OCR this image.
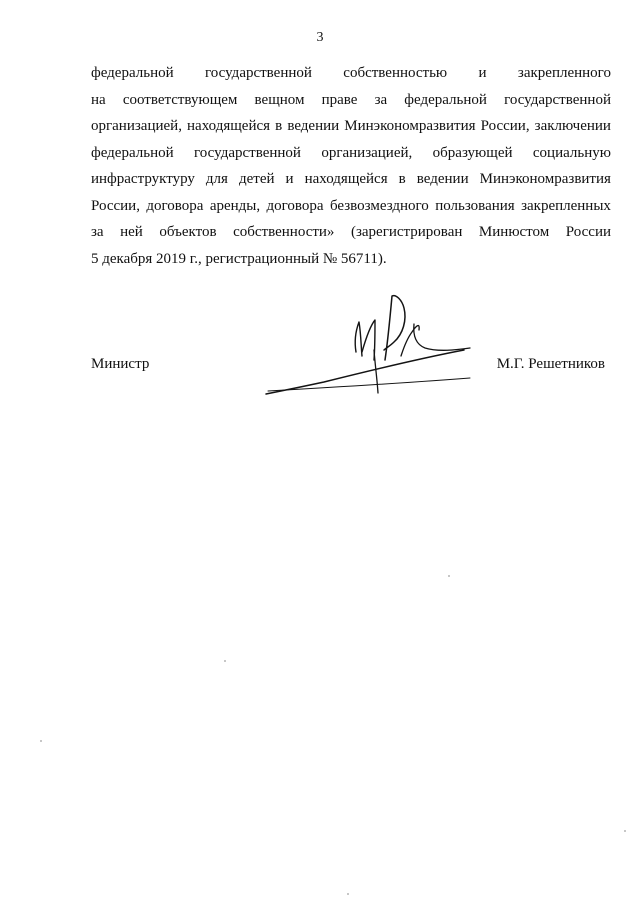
3
федеральной государственной собственностью и закрепленного
на соответствующем вещном праве за федеральной государственной
организацией, находящейся в ведении Минэкономразвития России, заключении
федеральной государственной организацией, образующей социальную
инфраструктуру для детей и находящейся в ведении Минэкономразвития
России, договора аренды, договора безвозмездного пользования закрепленных
за ней объектов собственности» (зарегистрирован Минюстом России
5 декабря 2019 г., регистрационный № 56711).
Министр	М.Г. Решетников
